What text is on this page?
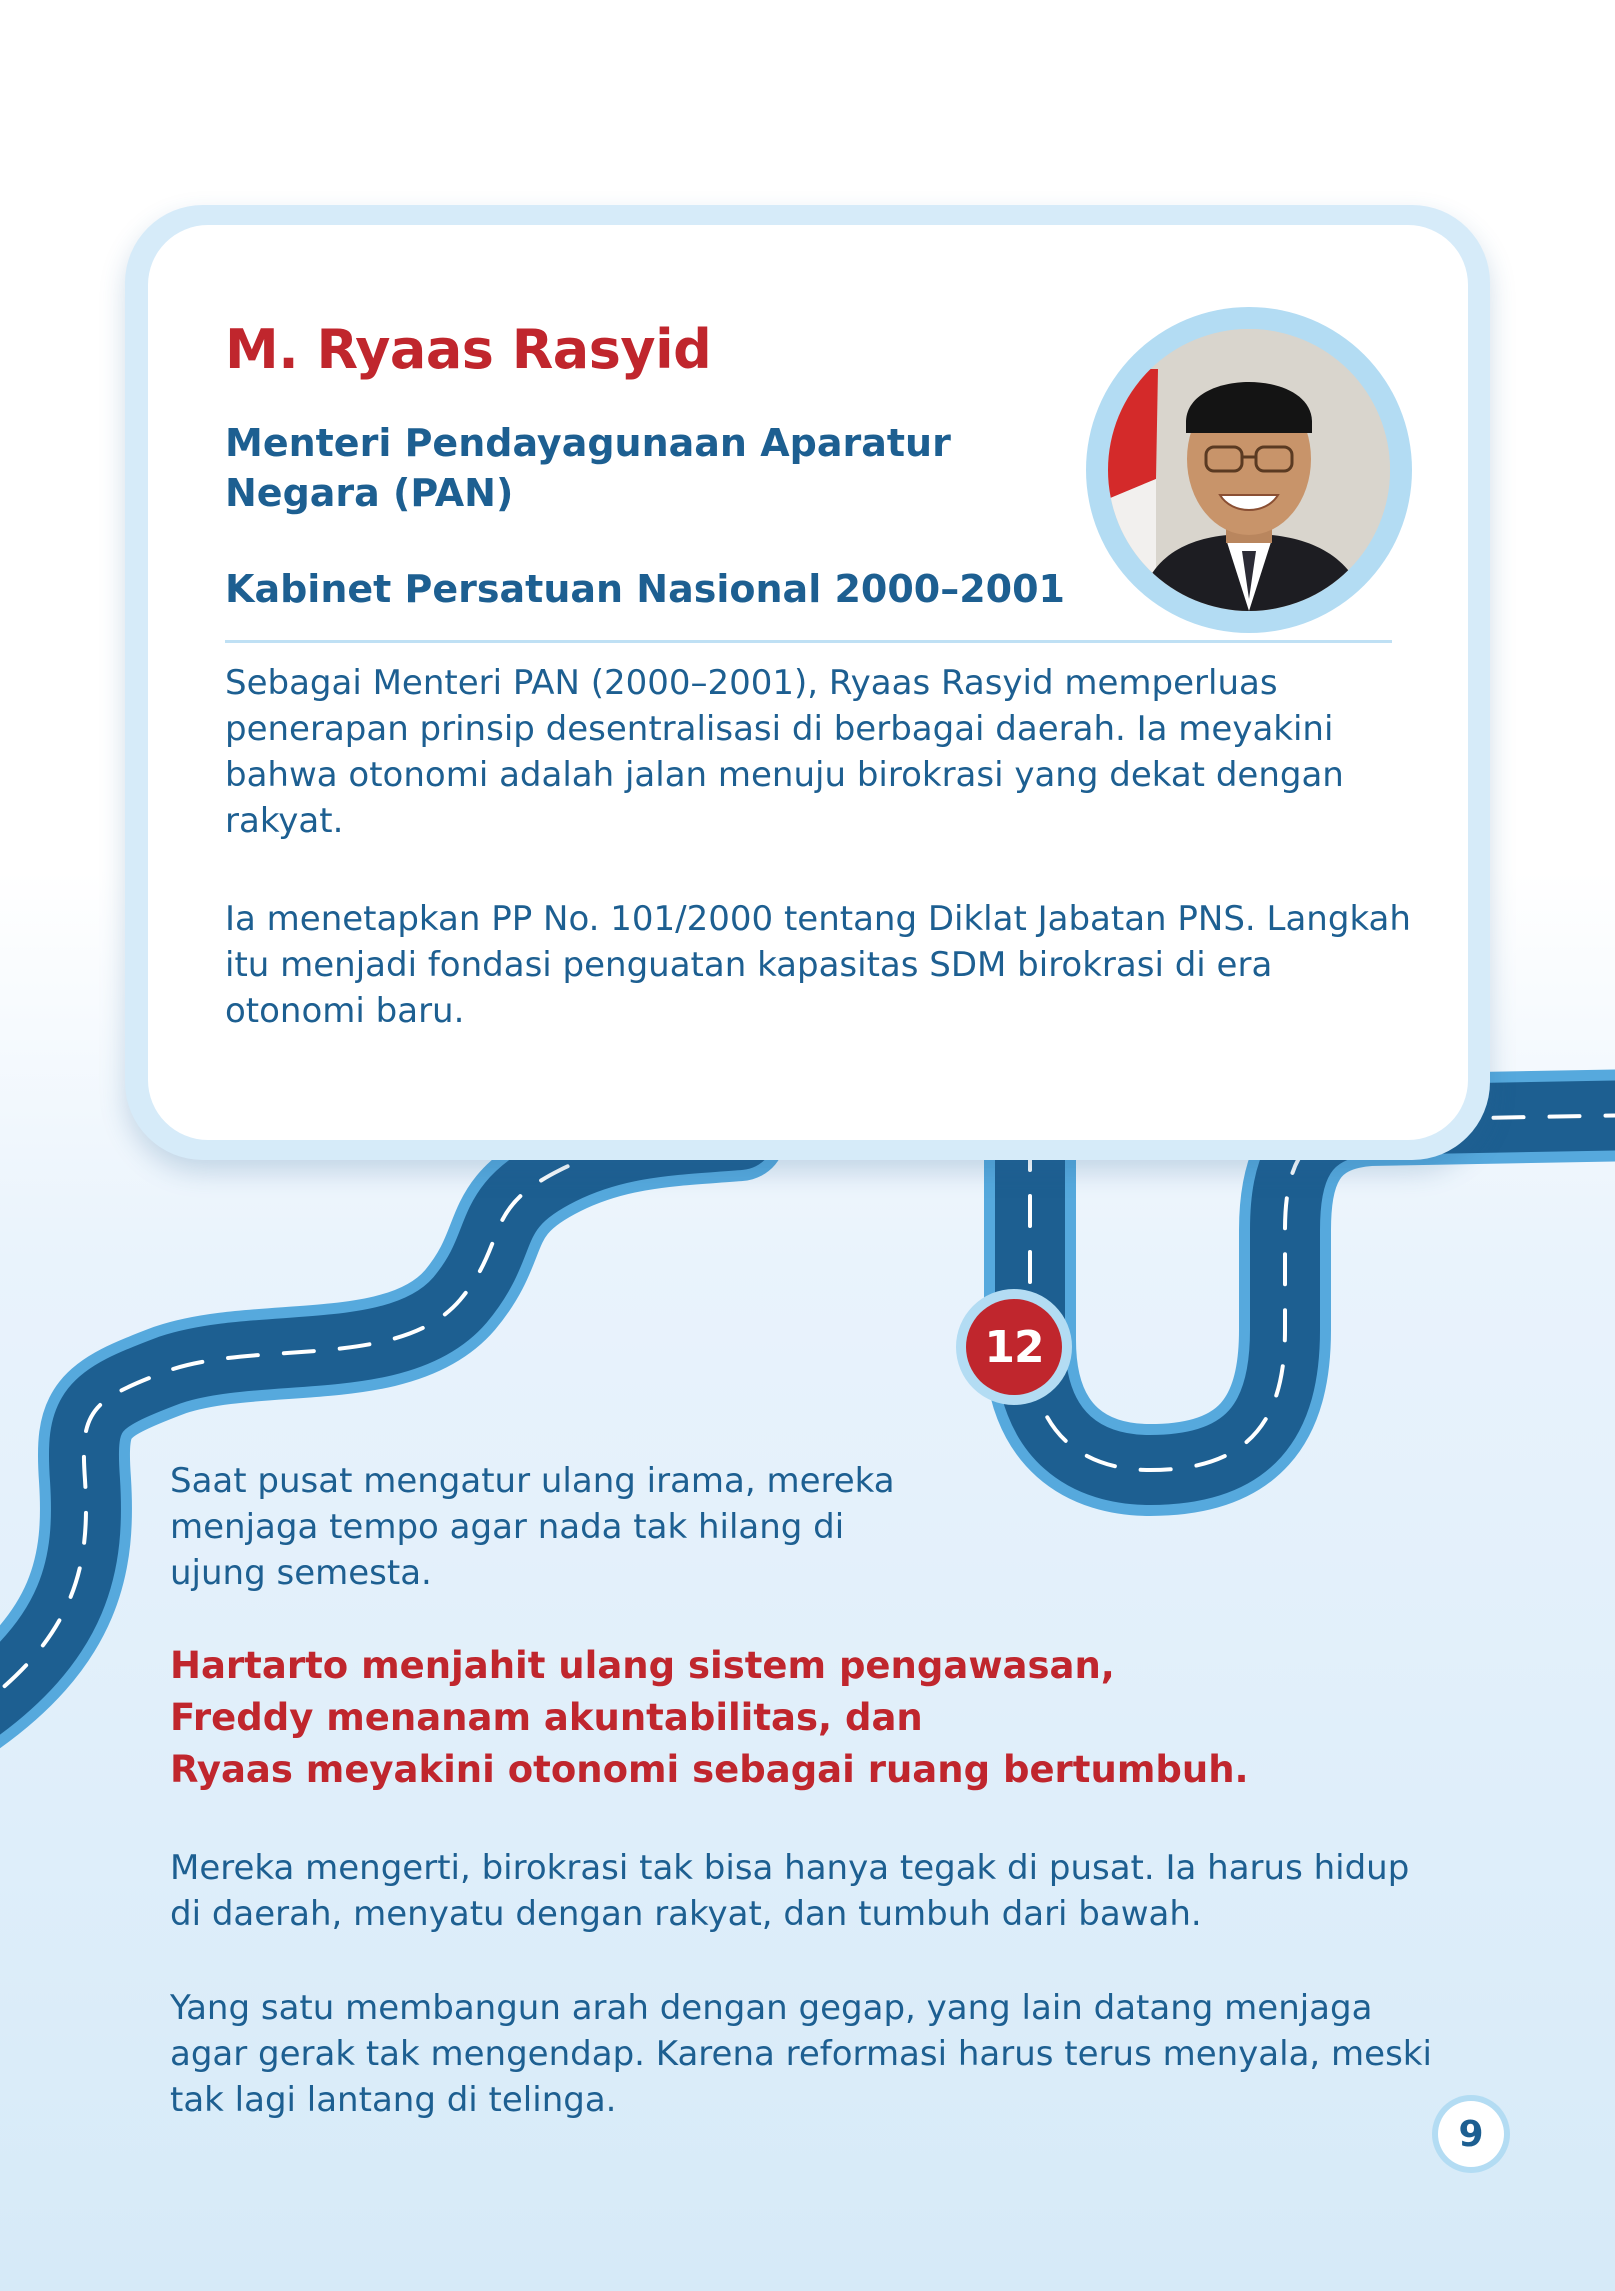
M. Ryaas Rasyid

Menteri Pendayagunaan Aparatur Negara (PAN)

Kabinet Persatuan Nasional 2000–2001

Sebagai Menteri PAN (2000–2001), Ryaas Rasyid memperluas penerapan prinsip desentralisasi di berbagai daerah. Ia meyakini bahwa otonomi adalah jalan menuju birokrasi yang dekat dengan rakyat.

Ia menetapkan PP No. 101/2000 tentang Diklat Jabatan PNS. Langkah itu menjadi fondasi penguatan kapasitas SDM birokrasi di era otonomi baru.

12

Saat pusat mengatur ulang irama, mereka menjaga tempo agar nada tak hilang di ujung semesta.

Hartarto menjahit ulang sistem pengawasan,
Freddy menanam akuntabilitas, dan
Ryaas meyakini otonomi sebagai ruang bertumbuh.

Mereka mengerti, birokrasi tak bisa hanya tegak di pusat. Ia harus hidup di daerah, menyatu dengan rakyat, dan tumbuh dari bawah.

Yang satu membangun arah dengan gegap, yang lain datang menjaga agar gerak tak mengendap. Karena reformasi harus terus menyala, meski tak lagi lantang di telinga.

9
